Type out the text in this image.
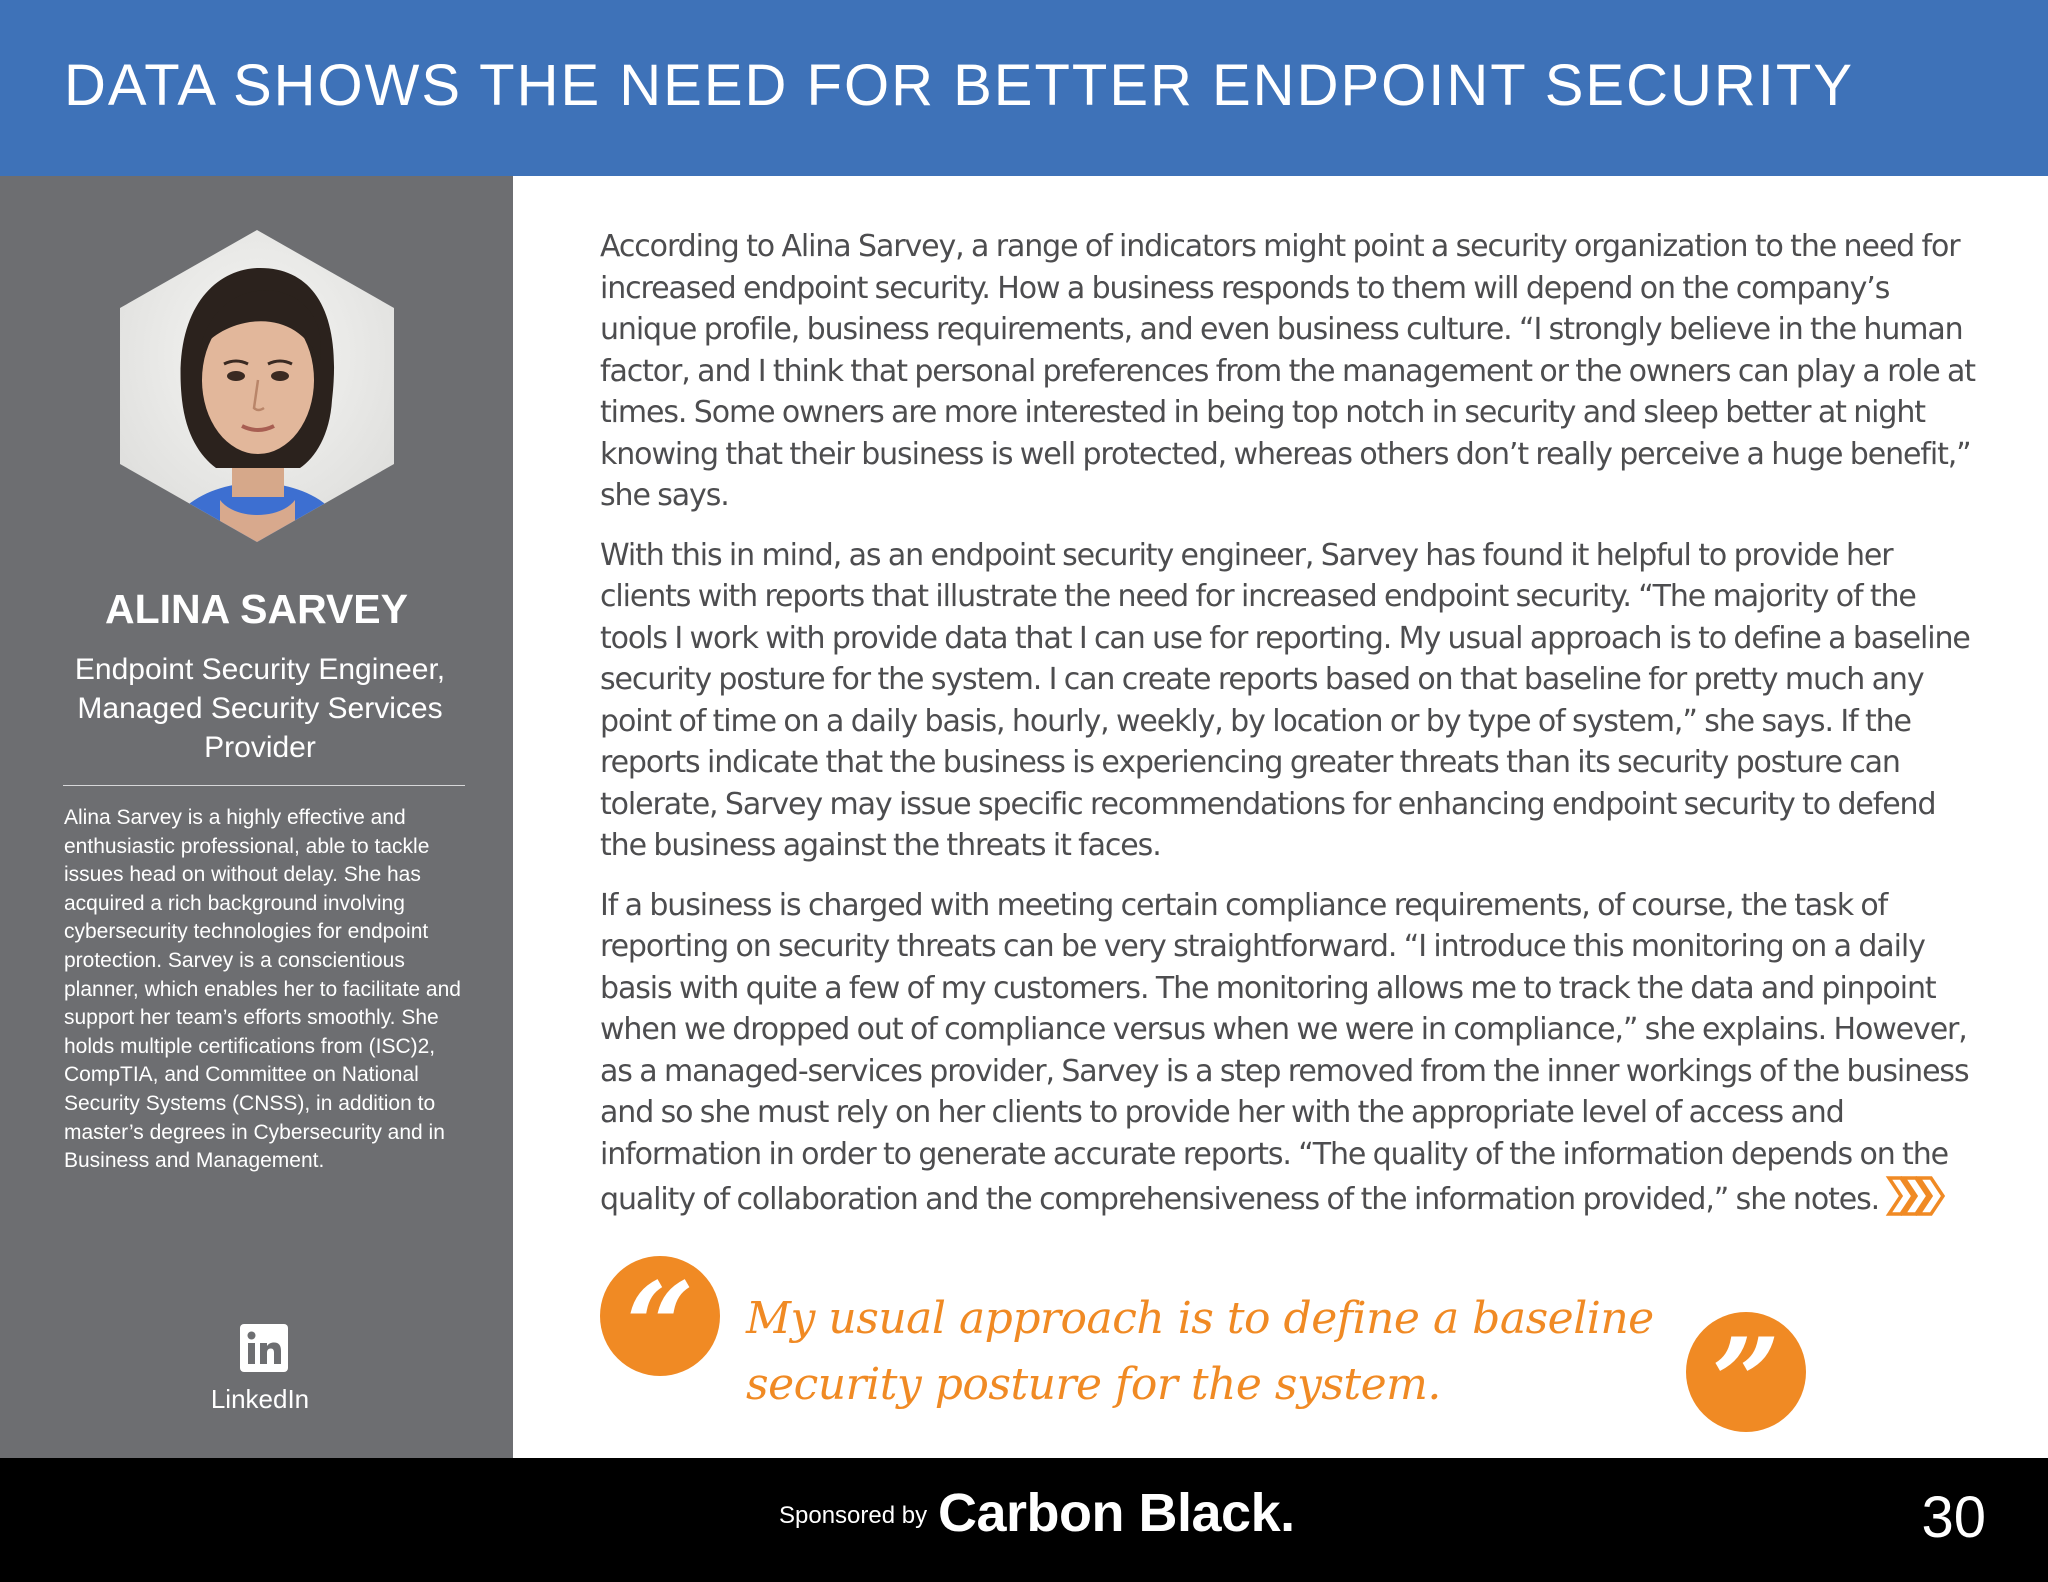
DATA SHOWS THE NEED FOR BETTER ENDPOINT SECURITY
ALINA SARVEY
Endpoint Security Engineer, Managed Security Services Provider
Alina Sarvey is a highly effective and enthusiastic professional, able to tackle issues head on without delay. She has acquired a rich background involving cybersecurity technologies for endpoint protection. Sarvey is a conscientious planner, which enables her to facilitate and support her team’s efforts smoothly. She holds multiple certifications from (ISC)2, CompTIA, and Committee on National Security Systems (CNSS), in addition to master’s degrees in Cybersecurity and in Business and Management.
LinkedIn

According to Alina Sarvey, a range of indicators might point a security organization to the need for increased endpoint security. How a business responds to them will depend on the company’s unique profile, business requirements, and even business culture. “I strongly believe in the human factor, and I think that personal preferences from the management or the owners can play a role at times. Some owners are more interested in being top notch in security and sleep better at night knowing that their business is well protected, whereas others don’t really perceive a huge benefit,” she says.

With this in mind, as an endpoint security engineer, Sarvey has found it helpful to provide her clients with reports that illustrate the need for increased endpoint security. “The majority of the tools I work with provide data that I can use for reporting. My usual approach is to define a baseline security posture for the system. I can create reports based on that baseline for pretty much any point of time on a daily basis, hourly, weekly, by location or by type of system,” she says. If the reports indicate that the business is experiencing greater threats than its security posture can tolerate, Sarvey may issue specific recommendations for enhancing endpoint security to defend the business against the threats it faces.

If a business is charged with meeting certain compliance requirements, of course, the task of reporting on security threats can be very straightforward. “I introduce this monitoring on a daily basis with quite a few of my customers. The monitoring allows me to track the data and pinpoint when we dropped out of compliance versus when we were in compliance,” she explains. However, as a managed-services provider, Sarvey is a step removed from the inner workings of the business and so she must rely on her clients to provide her with the appropriate level of access and information in order to generate accurate reports. “The quality of the information depends on the quality of collaboration and the comprehensiveness of the information provided,” she notes.

“ My usual approach is to define a baseline security posture for the system.	”
Sponsored by Carbon Black.	30
